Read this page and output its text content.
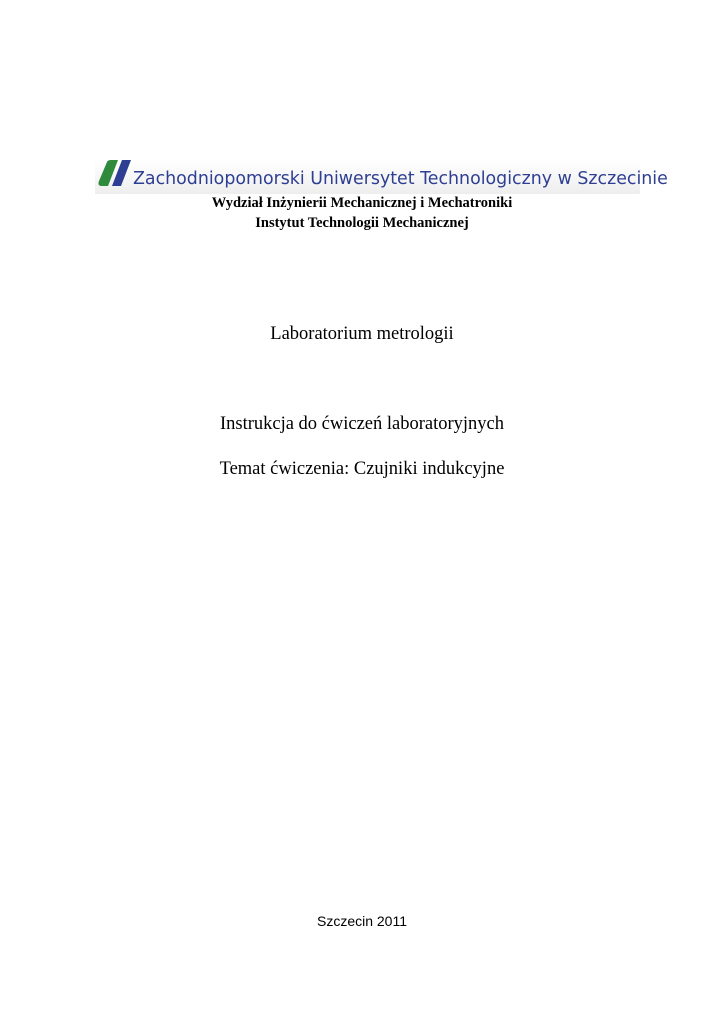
Zachodniopomorski Uniwersytet Technologiczny w Szczecinie
Wydział Inżynierii Mechanicznej i Mechatroniki
Instytut Technologii Mechanicznej
Laboratorium metrologii
Instrukcja do ćwiczeń laboratoryjnych
Temat ćwiczenia: Czujniki indukcyjne
Szczecin 2011
